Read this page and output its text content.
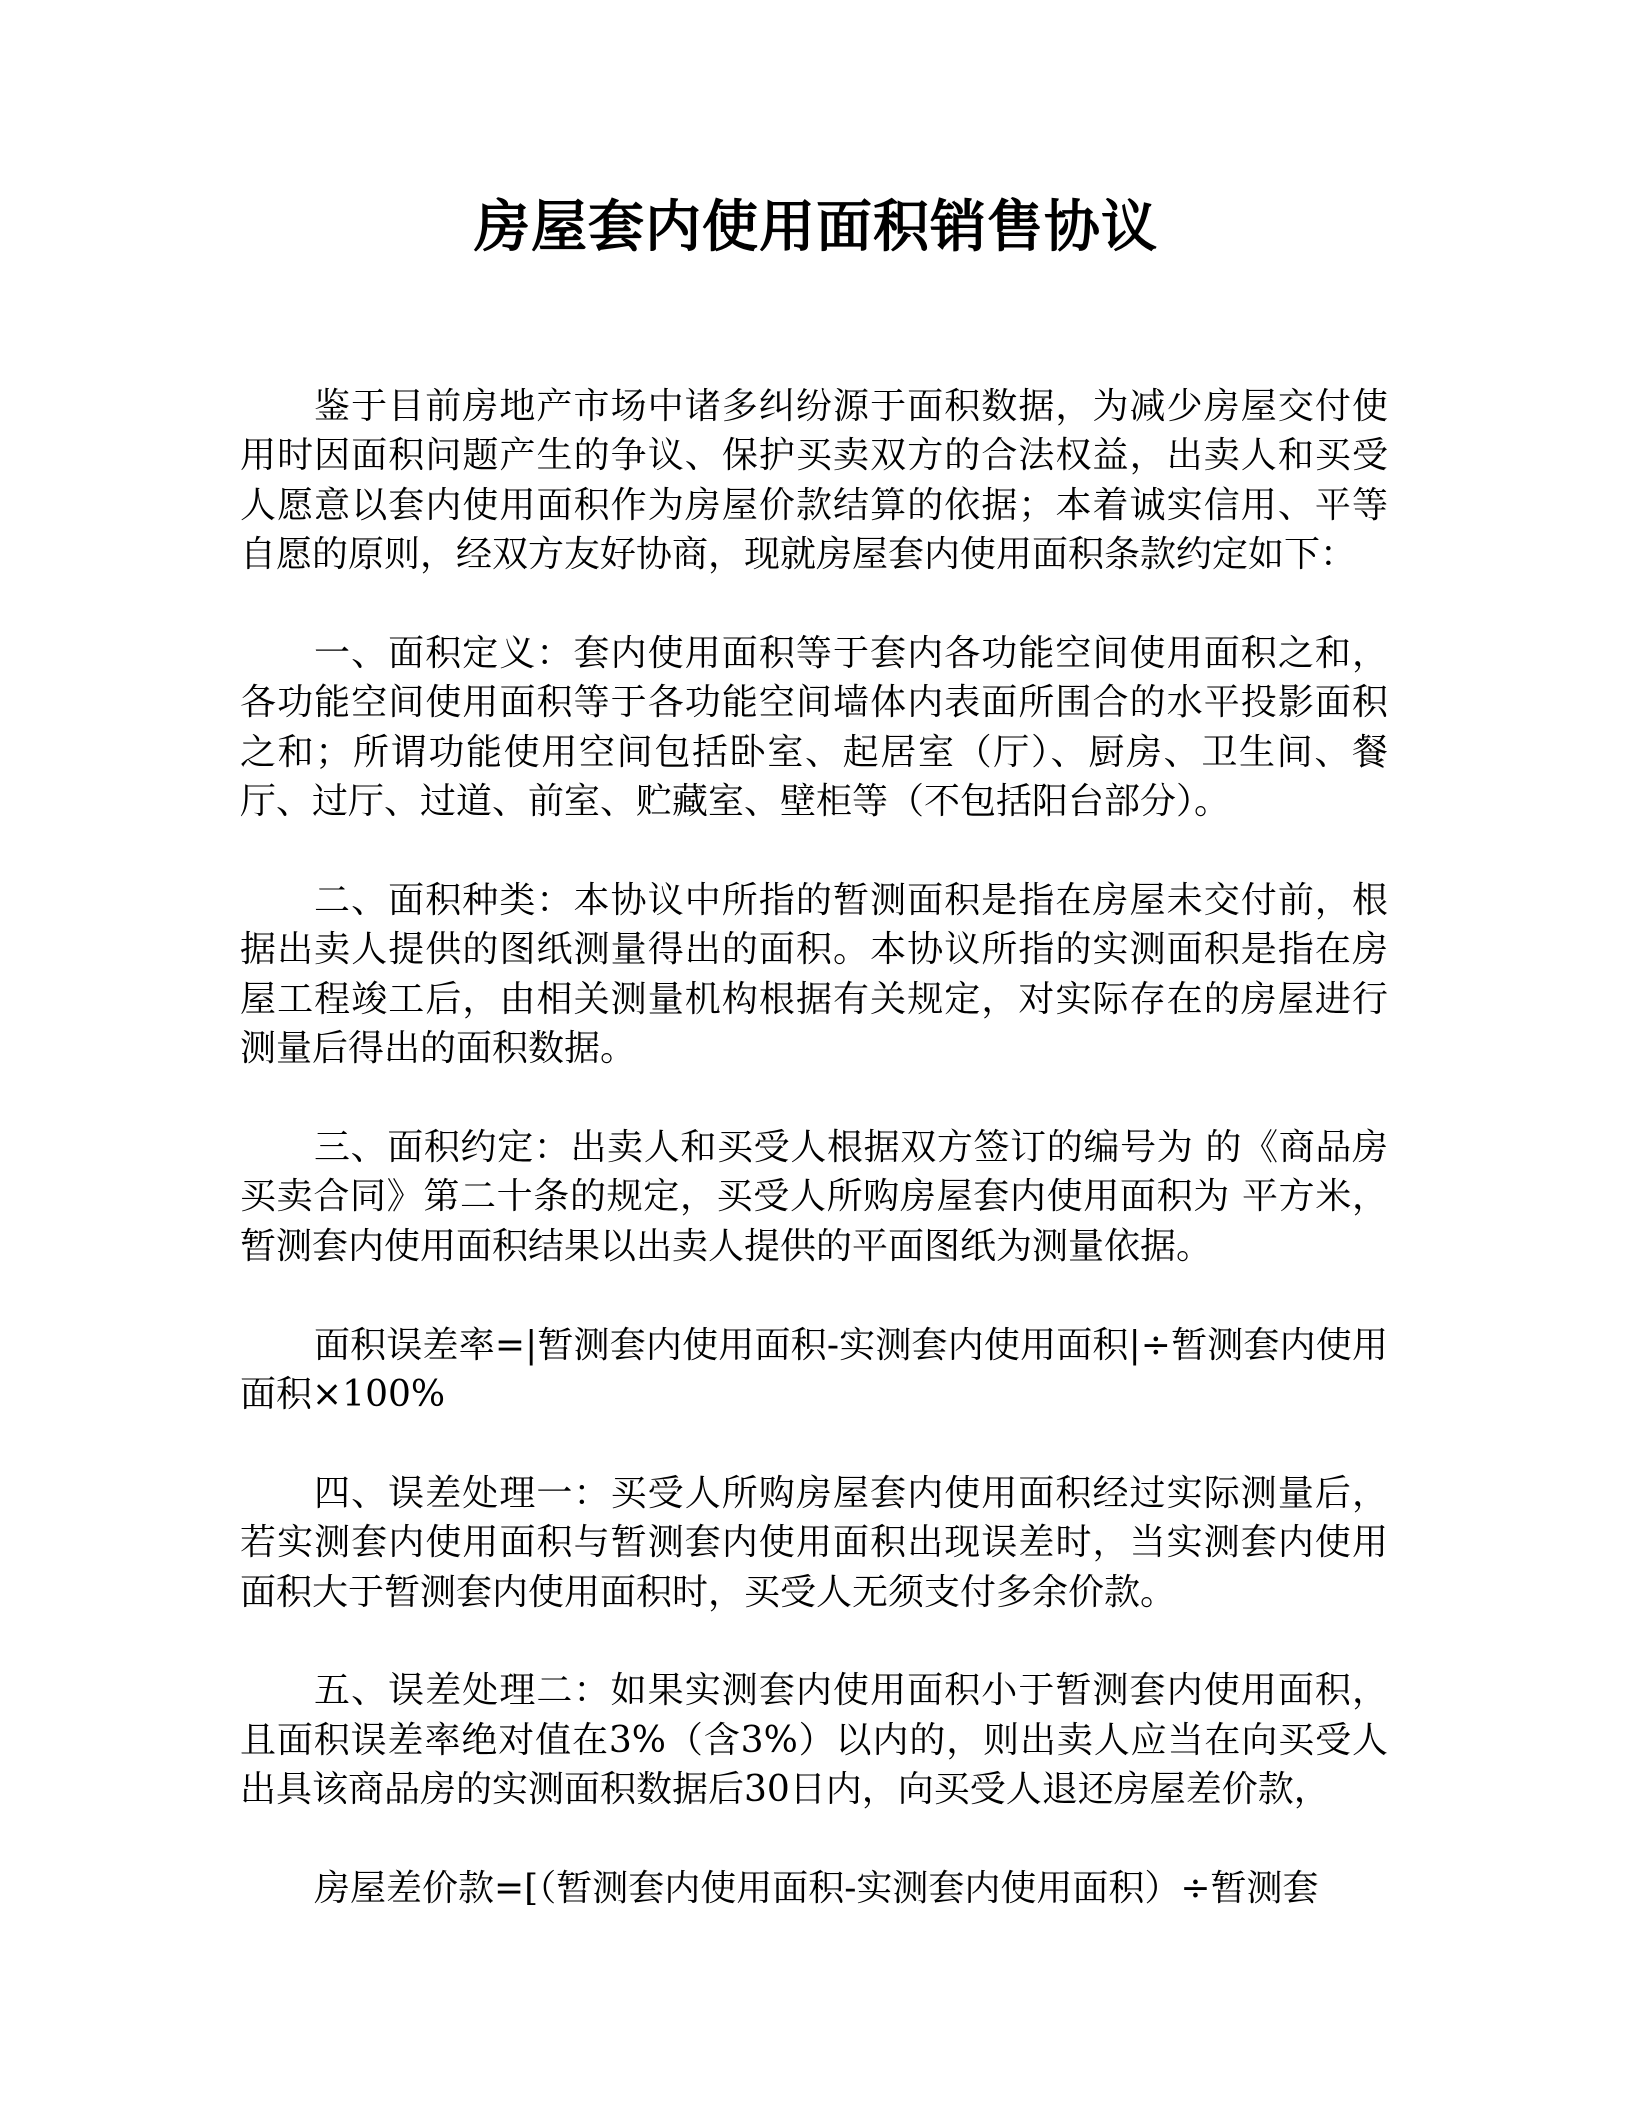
房屋套内使用面积销售协议

鉴于目前房地产市场中诸多纠纷源于面积数据，为减少房屋交付使用时因面积问题产生的争议、保护买卖双方的合法权益，出卖人和买受人愿意以套内使用面积作为房屋价款结算的依据；本着诚实信用、平等自愿的原则，经双方友好协商，现就房屋套内使用面积条款约定如下：

一、面积定义：套内使用面积等于套内各功能空间使用面积之和，各功能空间使用面积等于各功能空间墙体内表面所围合的水平投影面积之和；所谓功能使用空间包括卧室、起居室（厅）、厨房、卫生间、餐厅、过厅、过道、前室、贮藏室、壁柜等（不包括阳台部分）。

二、面积种类：本协议中所指的暂测面积是指在房屋未交付前，根据出卖人提供的图纸测量得出的面积。本协议所指的实测面积是指在房屋工程竣工后，由相关测量机构根据有关规定，对实际存在的房屋进行测量后得出的面积数据。

三、面积约定：出卖人和买受人根据双方签订的编号为 的《商品房买卖合同》第二十条的规定，买受人所购房屋套内使用面积为 平方米，暂测套内使用面积结果以出卖人提供的平面图纸为测量依据。

面积误差率=|暂测套内使用面积-实测套内使用面积|÷暂测套内使用面积×100%

四、误差处理一：买受人所购房屋套内使用面积经过实际测量后，若实测套内使用面积与暂测套内使用面积出现误差时，当实测套内使用面积大于暂测套内使用面积时，买受人无须支付多余价款。

五、误差处理二：如果实测套内使用面积小于暂测套内使用面积，且面积误差率绝对值在3%（含3%）以内的，则出卖人应当在向买受人出具该商品房的实测面积数据后30日内，向买受人退还房屋差价款，

房屋差价款=[（暂测套内使用面积-实测套内使用面积）÷暂测套
